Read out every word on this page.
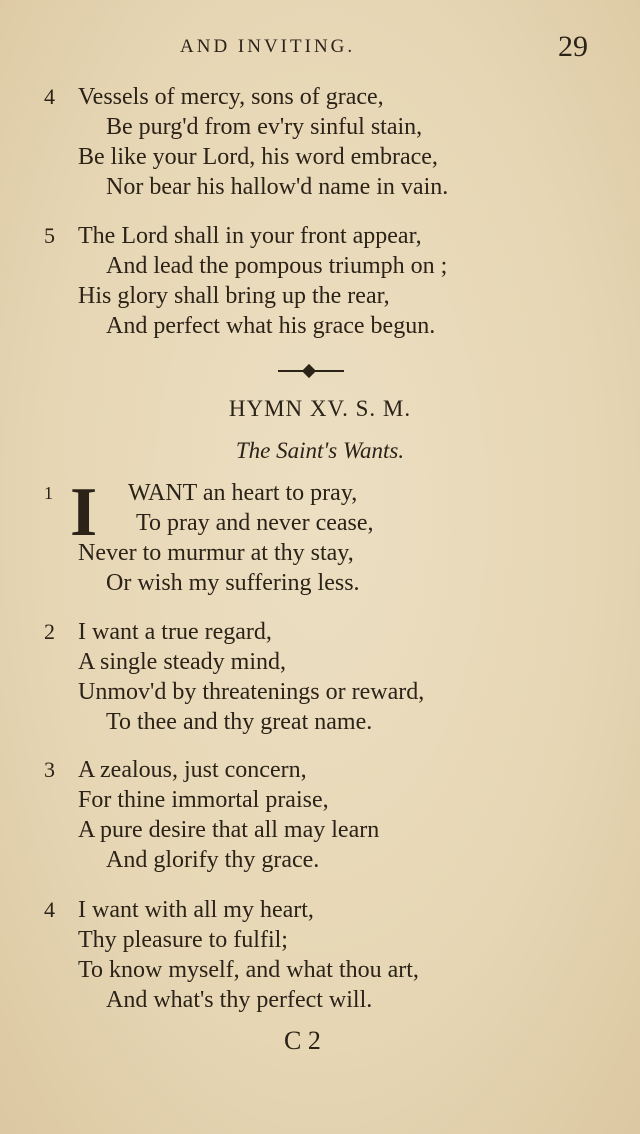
AND INVITING.	29
4 Vessels of mercy, sons of grace,
Be purg'd from ev'ry sinful stain,
Be like your Lord, his word embrace,
Nor bear his hallow'd name in vain.
5 The Lord shall in your front appear,
And lead the pompous triumph on ;
His glory shall bring up the rear,
And perfect what his grace begun.
HYMN XV. S. M.
The Saint's Wants.
1 I WANT an heart to pray,
To pray and never cease,
Never to murmur at thy stay,
Or wish my suffering less.
2 I want a true regard,
A single steady mind,
Unmov'd by threatenings or reward,
To thee and thy great name.
3 A zealous, just concern,
For thine immortal praise,
A pure desire that all may learn
And glorify thy grace.
4 I want with all my heart,
Thy pleasure to fulfil;
To know myself, and what thou art,
And what's thy perfect will.
C 2
